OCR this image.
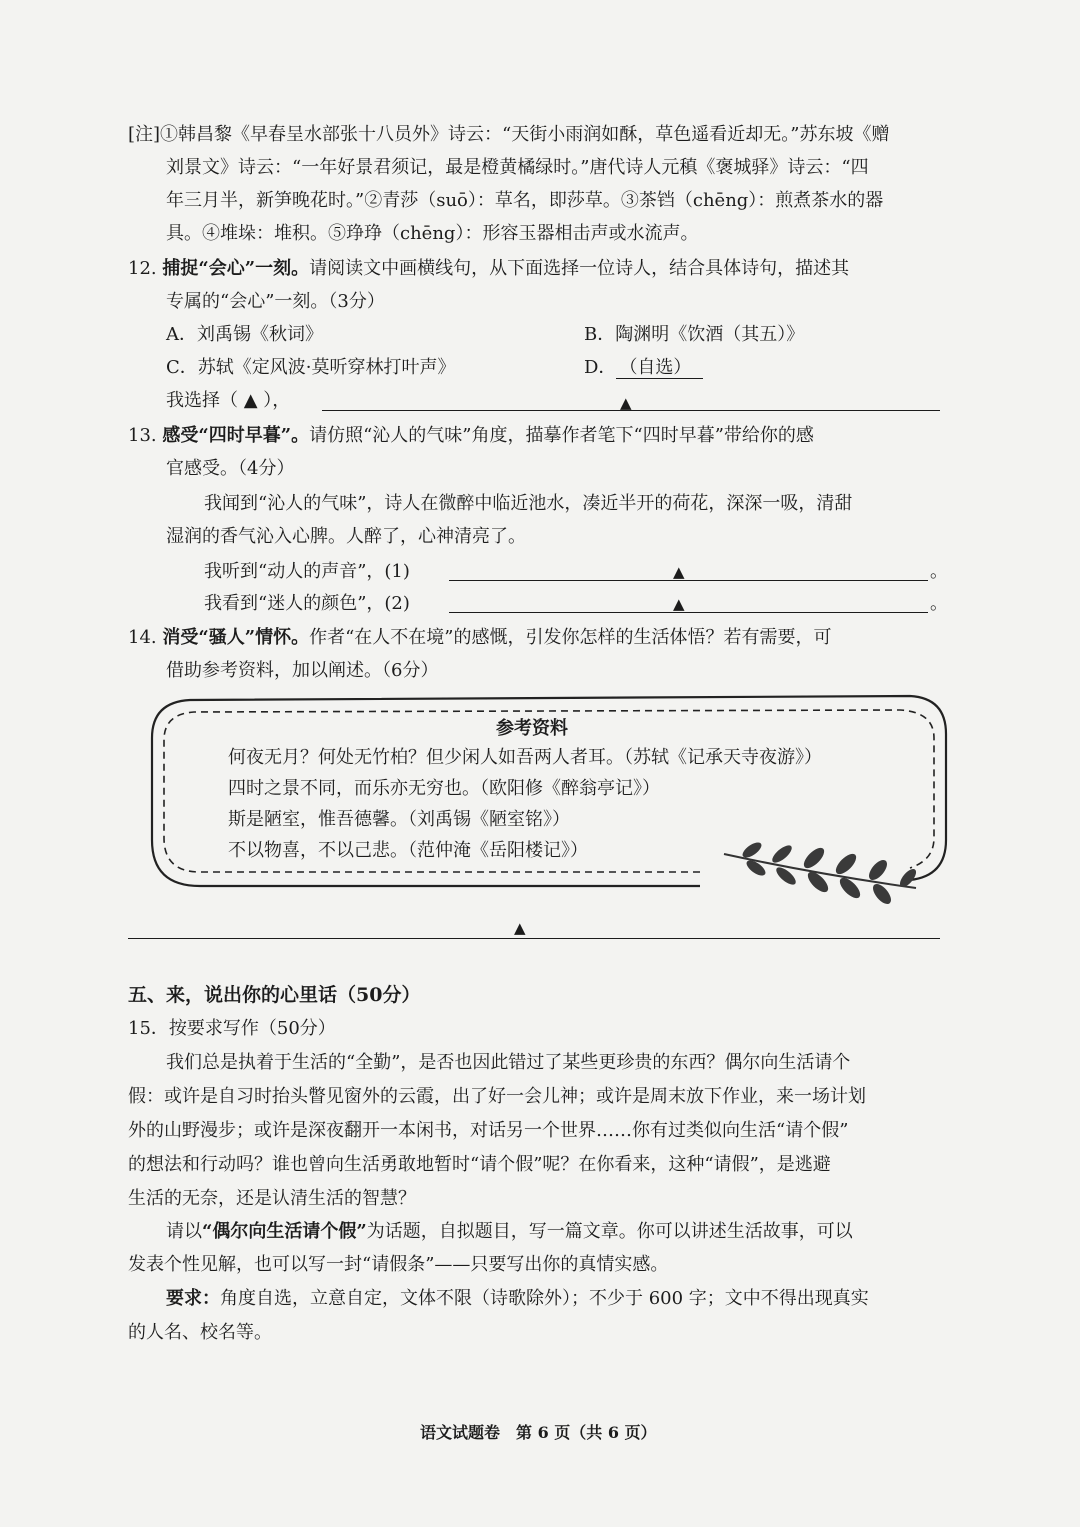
[注]①韩昌黎《早春呈水部张十八员外》诗云：“天街小雨润如酥，草色遥看近却无。”苏东坡《赠
刘景文》诗云：“一年好景君须记，最是橙黄橘绿时。”唐代诗人元稹《褒城驿》诗云：“四
年三月半，新笋晚花时。”②青莎（suō）：草名，即莎草。③茶铛（chēng）：煎煮茶水的器
具。④堆垛：堆积。⑤琤琤（chēng）：形容玉器相击声或水流声。
12. 捕捉“会心”一刻。请阅读文中画横线句，从下面选择一位诗人，结合具体诗句，描述其
专属的“会心”一刻。（3分）
A．刘禹锡《秋词》	B．陶渊明《饮酒（其五）》
C．苏轼《定风波·莫听穿林打叶声》	D． （自选）
我选择（ ▲ ），	▲
13. 感受“四时早暮”。请仿照“沁人的气味”角度，描摹作者笔下“四时早暮”带给你的感
官感受。（4分）
我闻到“沁人的气味”，诗人在微醉中临近池水，凑近半开的荷花，深深一吸，清甜
湿润的香气沁入心脾。人醉了，心神清亮了。
我听到“动人的声音”，(1)	▲	。
我看到“迷人的颜色”，(2)	▲	。
14. 消受“骚人”情怀。作者“在人不在境”的感慨，引发你怎样的生活体悟？若有需要，可
借助参考资料，加以阐述。（6分）
参考资料
何夜无月？何处无竹柏？但少闲人如吾两人者耳。（苏轼《记承天寺夜游》）
四时之景不同，而乐亦无穷也。（欧阳修《醉翁亭记》）
斯是陋室，惟吾德馨。（刘禹锡《陋室铭》）
不以物喜，不以己悲。（范仲淹《岳阳楼记》）
▲
五、来，说出你的心里话（50分）
15．按要求写作（50分）
我们总是执着于生活的“全勤”，是否也因此错过了某些更珍贵的东西？偶尔向生活请个
假：或许是自习时抬头瞥见窗外的云霞，出了好一会儿神；或许是周末放下作业，来一场计划
外的山野漫步；或许是深夜翻开一本闲书，对话另一个世界……你有过类似向生活“请个假”
的想法和行动吗？谁也曾向生活勇敢地暂时“请个假”呢？在你看来，这种“请假”，是逃避
生活的无奈，还是认清生活的智慧？
请以“偶尔向生活请个假”为话题，自拟题目，写一篇文章。你可以讲述生活故事，可以
发表个性见解，也可以写一封“请假条”——只要写出你的真情实感。
要求：角度自选，立意自定，文体不限（诗歌除外）；不少于 600 字；文中不得出现真实
的人名、校名等。
语文试题卷　第 6 页（共 6 页）
